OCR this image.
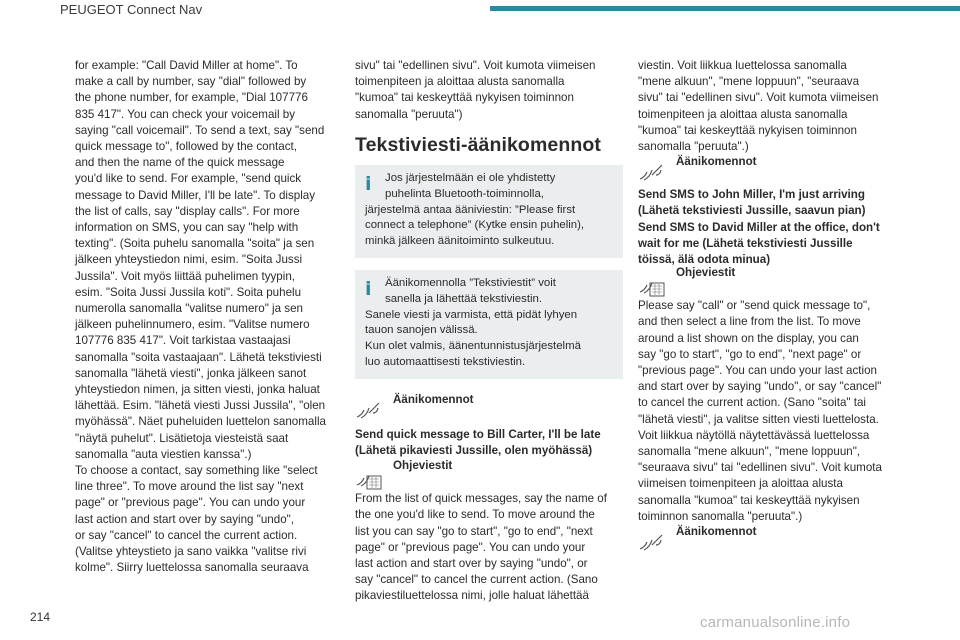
PEUGEOT Connect Nav

for example: "Call David Miller at home". To
make a call by number, say "dial" followed by
the phone number, for example, "Dial 107776
835 417". You can check your voicemail by
saying "call voicemail". To send a text, say "send
quick message to", followed by the contact,
and then the name of the quick message
you'd like to send. For example, "send quick
message to David Miller, I'll be late". To display
the list of calls, say "display calls". For more
information on SMS, you can say "help with
texting". (Soita puhelu sanomalla "soita" ja sen
jälkeen yhteystiedon nimi, esim. "Soita Jussi
Jussila". Voit myös liittää puhelimen tyypin,
esim. "Soita Jussi Jussila koti". Soita puhelu
numerolla sanomalla "valitse numero" ja sen
jälkeen puhelinnumero, esim. "Valitse numero
107776 835 417". Voit tarkistaa vastaajasi
sanomalla "soita vastaajaan". Lähetä tekstiviesti
sanomalla "lähetä viesti", jonka jälkeen sanot
yhteystiedon nimen, ja sitten viesti, jonka haluat
lähettää. Esim. "lähetä viesti Jussi Jussila", "olen
myöhässä". Näet puheluiden luettelon sanomalla
"näytä puhelut". Lisätietoja viesteistä saat
sanomalla "auta viestien kanssa".)
To choose a contact, say something like "select
line three". To move around the list say "next
page" or "previous page". You can undo your
last action and start over by saying "undo",
or say "cancel" to cancel the current action.
(Valitse yhteystieto ja sano vaikka "valitse rivi
kolme". Siirry luettelossa sanomalla seuraava

sivu" tai "edellinen sivu". Voit kumota viimeisen
toimenpiteen ja aloittaa alusta sanomalla
"kumoa" tai keskeyttää nykyisen toiminnon
sanomalla "peruuta")

Tekstiviesti-äänikomennot
i	Jos järjestelmään ei ole yhdistetty
puhelinta Bluetooth-toiminnolla,
järjestelmä antaa ääniviestin: ”Please first
connect a telephone” (Kytke ensin puhelin),
minkä jälkeen äänitoiminto sulkeutuu.

i	Äänikomennolla ”Tekstiviestit” voit
sanella ja lähettää tekstiviestin.
Sanele viesti ja varmista, että pidät lyhyen
tauon sanojen välissä.
Kun olet valmis, äänentunnistusjärjestelmä
luo automaattisesti tekstiviestin.

Äänikomennot

Send quick message to Bill Carter, I'll be late
(Lähetä pikaviesti Jussille, olen myöhässä)

Ohjeviestit

From the list of quick messages, say the name of
the one you'd like to send. To move around the
list you can say "go to start", "go to end", "next
page" or "previous page". You can undo your
last action and start over by saying "undo", or
say "cancel" to cancel the current action. (Sano
pikaviestiluettelossa nimi, jolle haluat lähettää

viestin. Voit liikkua luettelossa sanomalla
"mene alkuun", "mene loppuun", "seuraava
sivu" tai "edellinen sivu". Voit kumota viimeisen
toimenpiteen ja aloittaa alusta sanomalla
"kumoa" tai keskeyttää nykyisen toiminnon
sanomalla "peruuta".)

Äänikomennot

Send SMS to John Miller, I'm just arriving
(Lähetä tekstiviesti Jussille, saavun pian)
Send SMS to David Miller at the office, don't
wait for me (Lähetä tekstiviesti Jussille
töissä, älä odota minua)

Ohjeviestit

Please say "call" or "send quick message to",
and then select a line from the list. To move
around a list shown on the display, you can
say "go to start", "go to end", "next page" or
"previous page". You can undo your last action
and start over by saying "undo", or say "cancel"
to cancel the current action. (Sano "soita" tai
"lähetä viesti", ja valitse sitten viesti luettelosta.
Voit liikkua näytöllä näytettävässä luettelossa
sanomalla "mene alkuun", "mene loppuun",
"seuraava sivu" tai "edellinen sivu". Voit kumota
viimeisen toimenpiteen ja aloittaa alusta
sanomalla "kumoa" tai keskeyttää nykyisen
toiminnon sanomalla "peruuta".)

Äänikomennot
214	carmanualsonline.info
